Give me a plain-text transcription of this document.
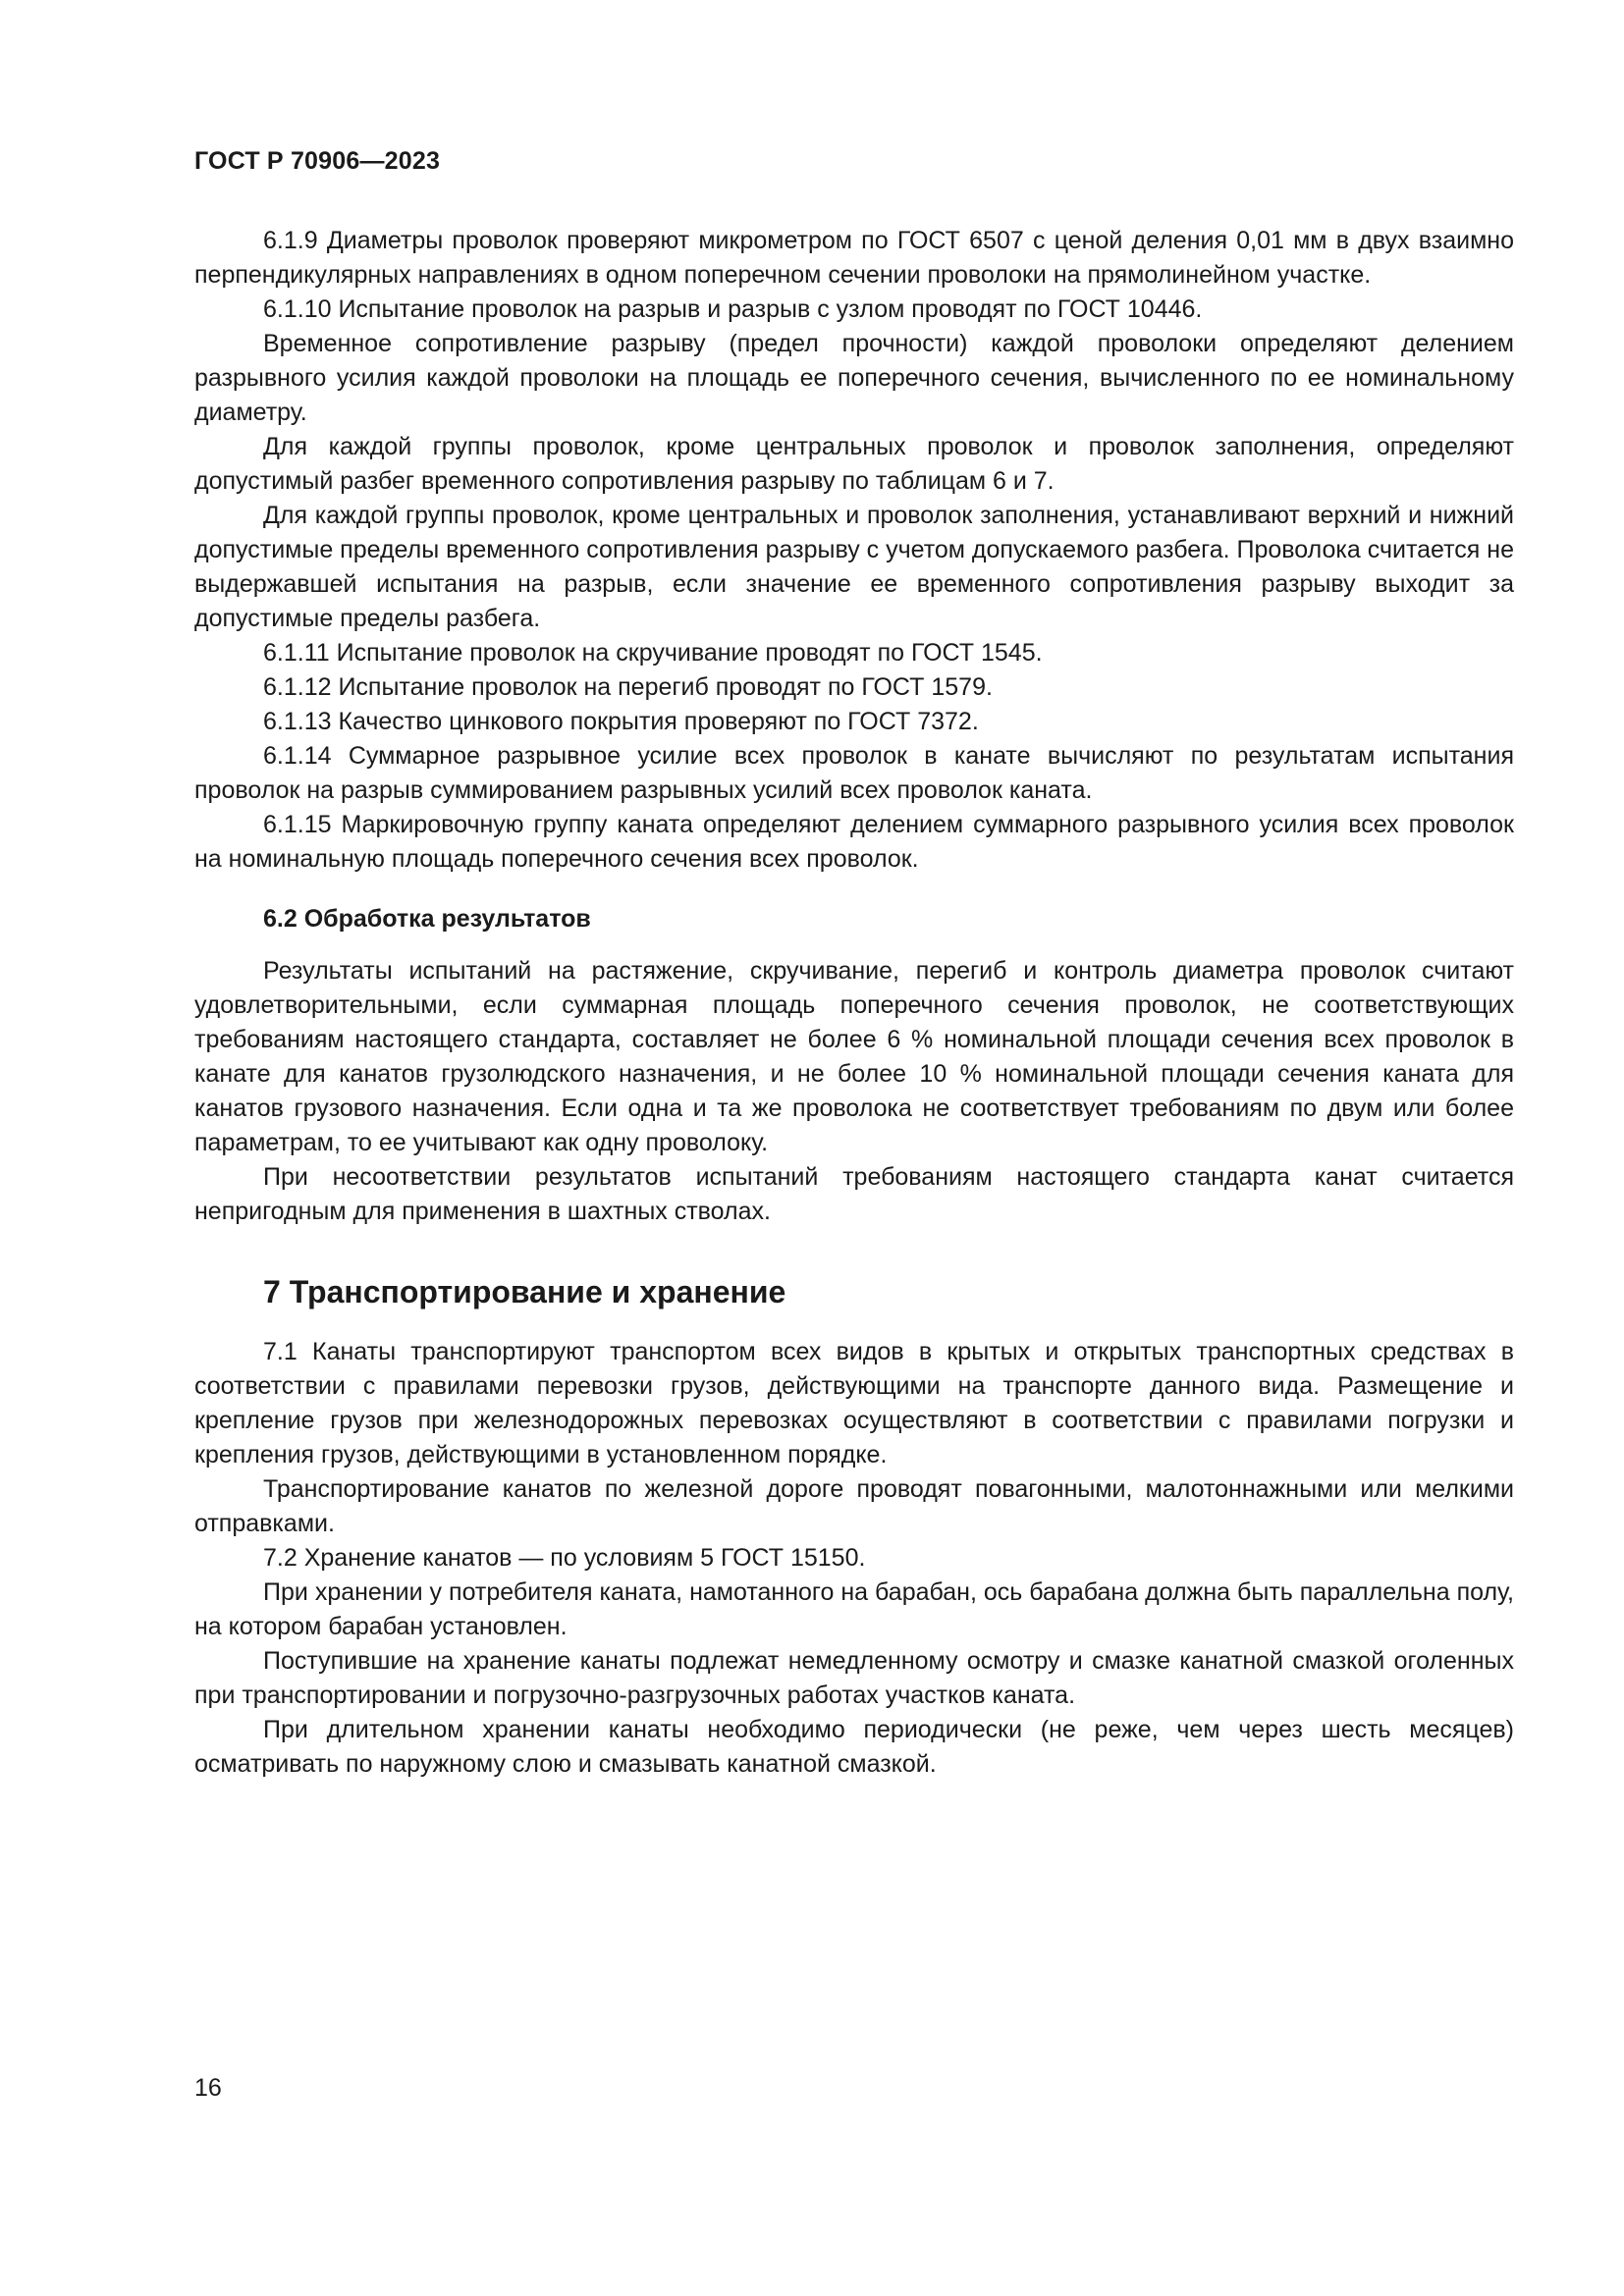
ГОСТ Р 70906—2023

6.1.9 Диаметры проволок проверяют микрометром по ГОСТ 6507 с ценой деления 0,01 мм в двух взаимно перпендикулярных направлениях в одном поперечном сечении проволоки на прямолинейном участке.

6.1.10 Испытание проволок на разрыв и разрыв с узлом проводят по ГОСТ 10446.

Временное сопротивление разрыву (предел прочности) каждой проволоки определяют делением разрывного усилия каждой проволоки на площадь ее поперечного сечения, вычисленного по ее номинальному диаметру.

Для каждой группы проволок, кроме центральных проволок и проволок заполнения, определяют допустимый разбег временного сопротивления разрыву по таблицам 6 и 7.

Для каждой группы проволок, кроме центральных и проволок заполнения, устанавливают верхний и нижний допустимые пределы временного сопротивления разрыву с учетом допускаемого разбега. Проволока считается не выдержавшей испытания на разрыв, если значение ее временного сопротивления разрыву выходит за допустимые пределы разбега.

6.1.11 Испытание проволок на скручивание проводят по ГОСТ 1545.

6.1.12 Испытание проволок на перегиб проводят по ГОСТ 1579.

6.1.13 Качество цинкового покрытия проверяют по ГОСТ 7372.

6.1.14 Суммарное разрывное усилие всех проволок в канате вычисляют по результатам испытания проволок на разрыв суммированием разрывных усилий всех проволок каната.

6.1.15 Маркировочную группу каната определяют делением суммарного разрывного усилия всех проволок на номинальную площадь поперечного сечения всех проволок.

6.2 Обработка результатов

Результаты испытаний на растяжение, скручивание, перегиб и контроль диаметра проволок считают удовлетворительными, если суммарная площадь поперечного сечения проволок, не соответствующих требованиям настоящего стандарта, составляет не более 6 % номинальной площади сечения всех проволок в канате для канатов грузолюдского назначения, и не более 10 % номинальной площади сечения каната для канатов грузового назначения. Если одна и та же проволока не соответствует требованиям по двум или более параметрам, то ее учитывают как одну проволоку.

При несоответствии результатов испытаний требованиям настоящего стандарта канат считается непригодным для применения в шахтных стволах.

7 Транспортирование и хранение

7.1 Канаты транспортируют транспортом всех видов в крытых и открытых транспортных средствах в соответствии с правилами перевозки грузов, действующими на транспорте данного вида. Размещение и крепление грузов при железнодорожных перевозках осуществляют в соответствии с правилами погрузки и крепления грузов, действующими в установленном порядке.

Транспортирование канатов по железной дороге проводят повагонными, малотоннажными или мелкими отправками.

7.2 Хранение канатов — по условиям 5 ГОСТ 15150.

При хранении у потребителя каната, намотанного на барабан, ось барабана должна быть параллельна полу, на котором барабан установлен.

Поступившие на хранение канаты подлежат немедленному осмотру и смазке канатной смазкой оголенных при транспортировании и погрузочно-разгрузочных работах участков каната.

При длительном хранении канаты необходимо периодически (не реже, чем через шесть месяцев) осматривать по наружному слою и смазывать канатной смазкой.

16
